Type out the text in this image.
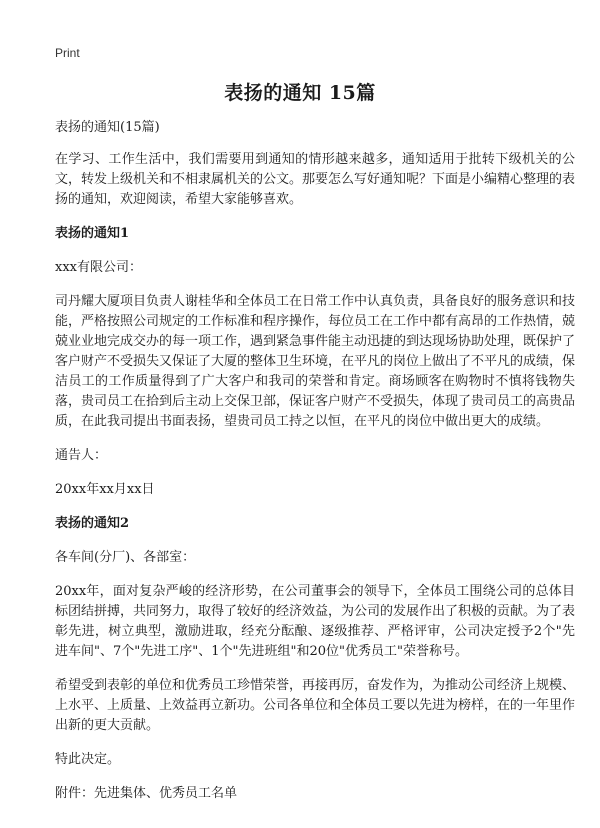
Print
表扬的通知 15篇

表扬的通知(15篇)

在学习、工作生活中，我们需要用到通知的情形越来越多，通知适用于批转下级机关的公文，转发上级机关和不相隶属机关的公文。那要怎么写好通知呢？下面是小编精心整理的表扬的通知，欢迎阅读，希望大家能够喜欢。

表扬的通知1

xxx有限公司：

司丹耀大厦项目负责人谢桂华和全体员工在日常工作中认真负责，具备良好的服务意识和技能，严格按照公司规定的工作标准和程序操作，每位员工在工作中都有高昂的工作热情，兢兢业业地完成交办的每一项工作，遇到紧急事件能主动迅捷的到达现场协助处理，既保护了客户财产不受损失又保证了大厦的整体卫生环境，在平凡的岗位上做出了不平凡的成绩，保洁员工的工作质量得到了广大客户和我司的荣誉和肯定。商场顾客在购物时不慎将钱物失落，贵司员工在拾到后主动上交保卫部，保证客户财产不受损失，体现了贵司员工的高贵品质，在此我司提出书面表扬，望贵司员工持之以恒，在平凡的岗位中做出更大的成绩。

通告人：

20xx年xx月xx日

表扬的通知2

各车间(分厂)、各部室：

20xx年，面对复杂严峻的经济形势，在公司董事会的领导下，全体员工围绕公司的总体目标团结拼搏，共同努力，取得了较好的经济效益，为公司的发展作出了积极的贡献。为了表彰先进，树立典型，激励进取，经充分酝酿、逐级推荐、严格评审，公司决定授予2个"先进车间"、7个"先进工序"、1个"先进班组"和20位"优秀员工"荣誉称号。

希望受到表彰的单位和优秀员工珍惜荣誉，再接再厉，奋发作为，为推动公司经济上规模、上水平、上质量、上效益再立新功。公司各单位和全体员工要以先进为榜样，在的一年里作出新的更大贡献。

特此决定。

附件：先进集体、优秀员工名单
